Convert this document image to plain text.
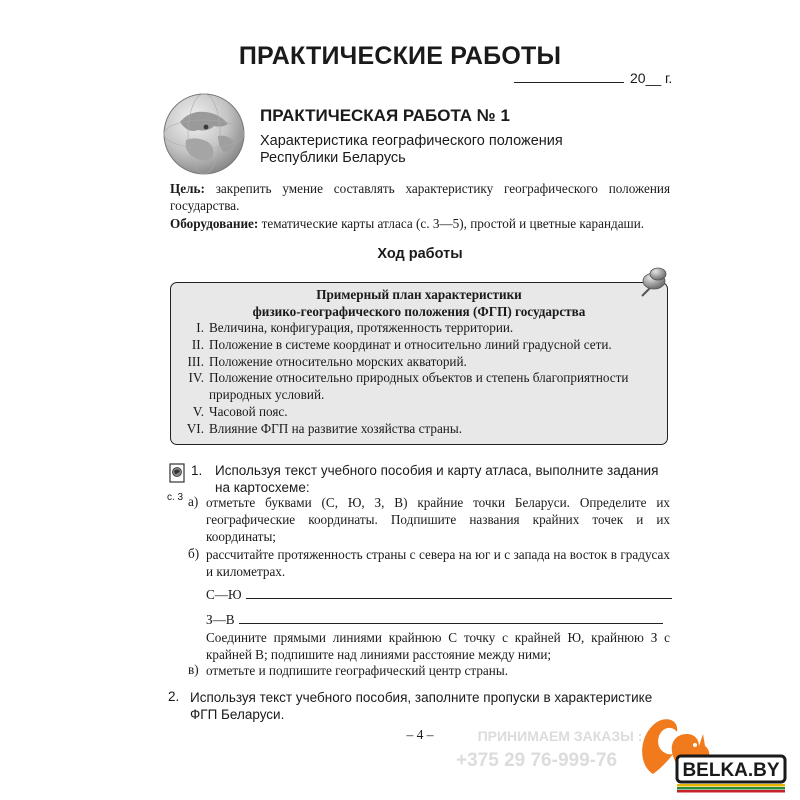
ПРАКТИЧЕСКИЕ РАБОТЫ
20__ г.
ПРАКТИЧЕСКАЯ РАБОТА № 1
Характеристика географического положения
Республики Беларусь
Цель: закрепить умение составлять характеристику географического положения государства.
Оборудование: тематические карты атласа (с. 3—5), простой и цветные карандаши.
Ход работы
Примерный план характеристики
физико-географического положения (ФГП) государства
I. Величина, конфигурация, протяженность территории.
II. Положение в системе координат и относительно линий градусной сети.
III. Положение относительно морских акваторий.
IV. Положение относительно природных объектов и степень благоприятности природных условий.
V. Часовой пояс.
VI. Влияние ФГП на развитие хозяйства страны.
с. 3
1. Используя текст учебного пособия и карту атласа, выполните задания на картосхеме:
а) отметьте буквами (С, Ю, З, В) крайние точки Беларуси. Определите их географические координаты. Подпишите названия крайних точек и их координаты;
б) рассчитайте протяженность страны с севера на юг и с запада на восток в градусах и километрах.
С—Ю
З—В
Соедините прямыми линиями крайнюю С точку с крайней Ю, крайнюю З с крайней В; подпишите над линиями расстояние между ними;
в) отметьте и подпишите географический центр страны.
2. Используя текст учебного пособия, заполните пропуски в характеристике ФГП Беларуси.
– 4 –	ПРИНИМАЕМ ЗАКАЗЫ :
+375 29 76-999-76	BELKA.BY
